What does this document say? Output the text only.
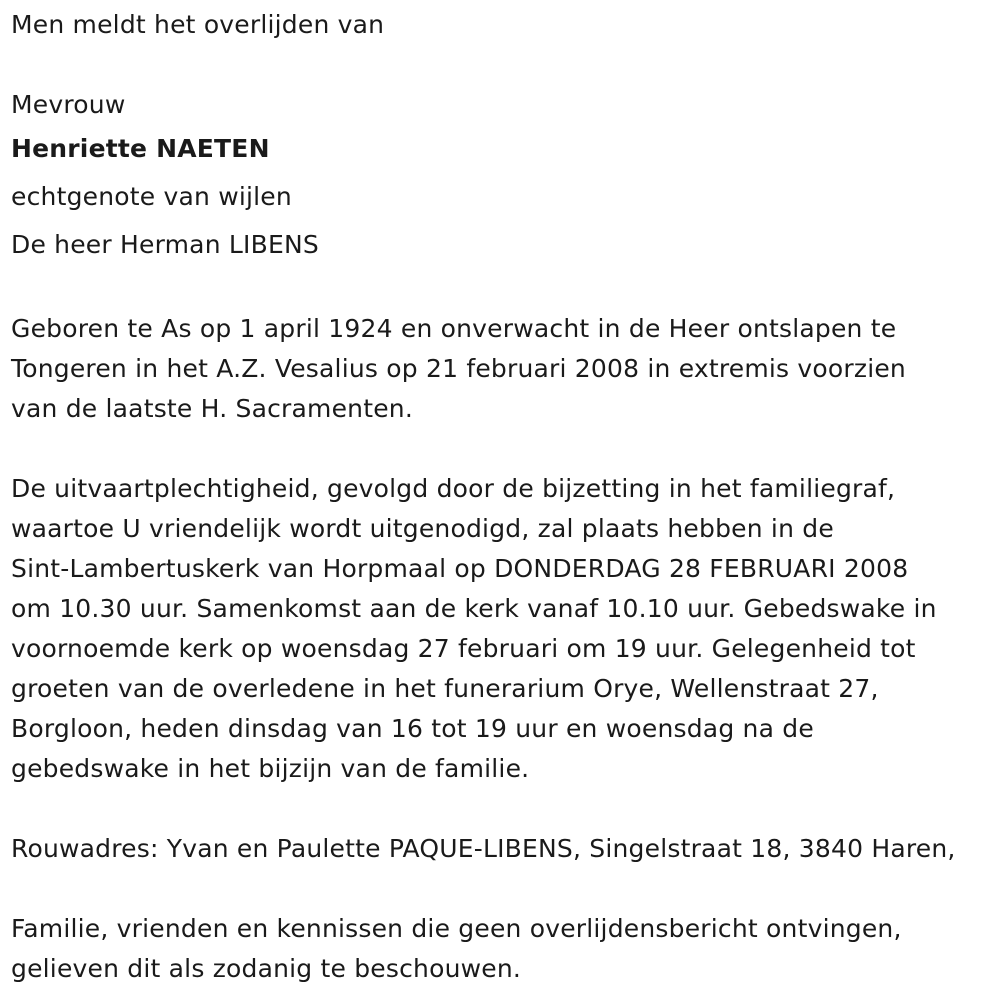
Men meldt het overlijden van
Mevrouw
Henriette NAETEN
echtgenote van wijlen
De heer Herman LIBENS
Geboren te As op 1 april 1924 en onverwacht in de Heer ontslapen te
Tongeren in het A.Z. Vesalius op 21 februari 2008 in extremis voorzien
van de laatste H. Sacramenten.
De uitvaartplechtigheid, gevolgd door de bijzetting in het familiegraf,
waartoe U vriendelijk wordt uitgenodigd, zal plaats hebben in de
Sint-Lambertuskerk van Horpmaal op DONDERDAG 28 FEBRUARI 2008
om 10.30 uur. Samenkomst aan de kerk vanaf 10.10 uur. Gebedswake in
voornoemde kerk op woensdag 27 februari om 19 uur. Gelegenheid tot
groeten van de overledene in het funerarium Orye, Wellenstraat 27,
Borgloon, heden dinsdag van 16 tot 19 uur en woensdag na de
gebedswake in het bijzijn van de familie.
Rouwadres: Yvan en Paulette PAQUE-LIBENS, Singelstraat 18, 3840 Haren,
Familie, vrienden en kennissen die geen overlijdensbericht ontvingen,
gelieven dit als zodanig te beschouwen.
